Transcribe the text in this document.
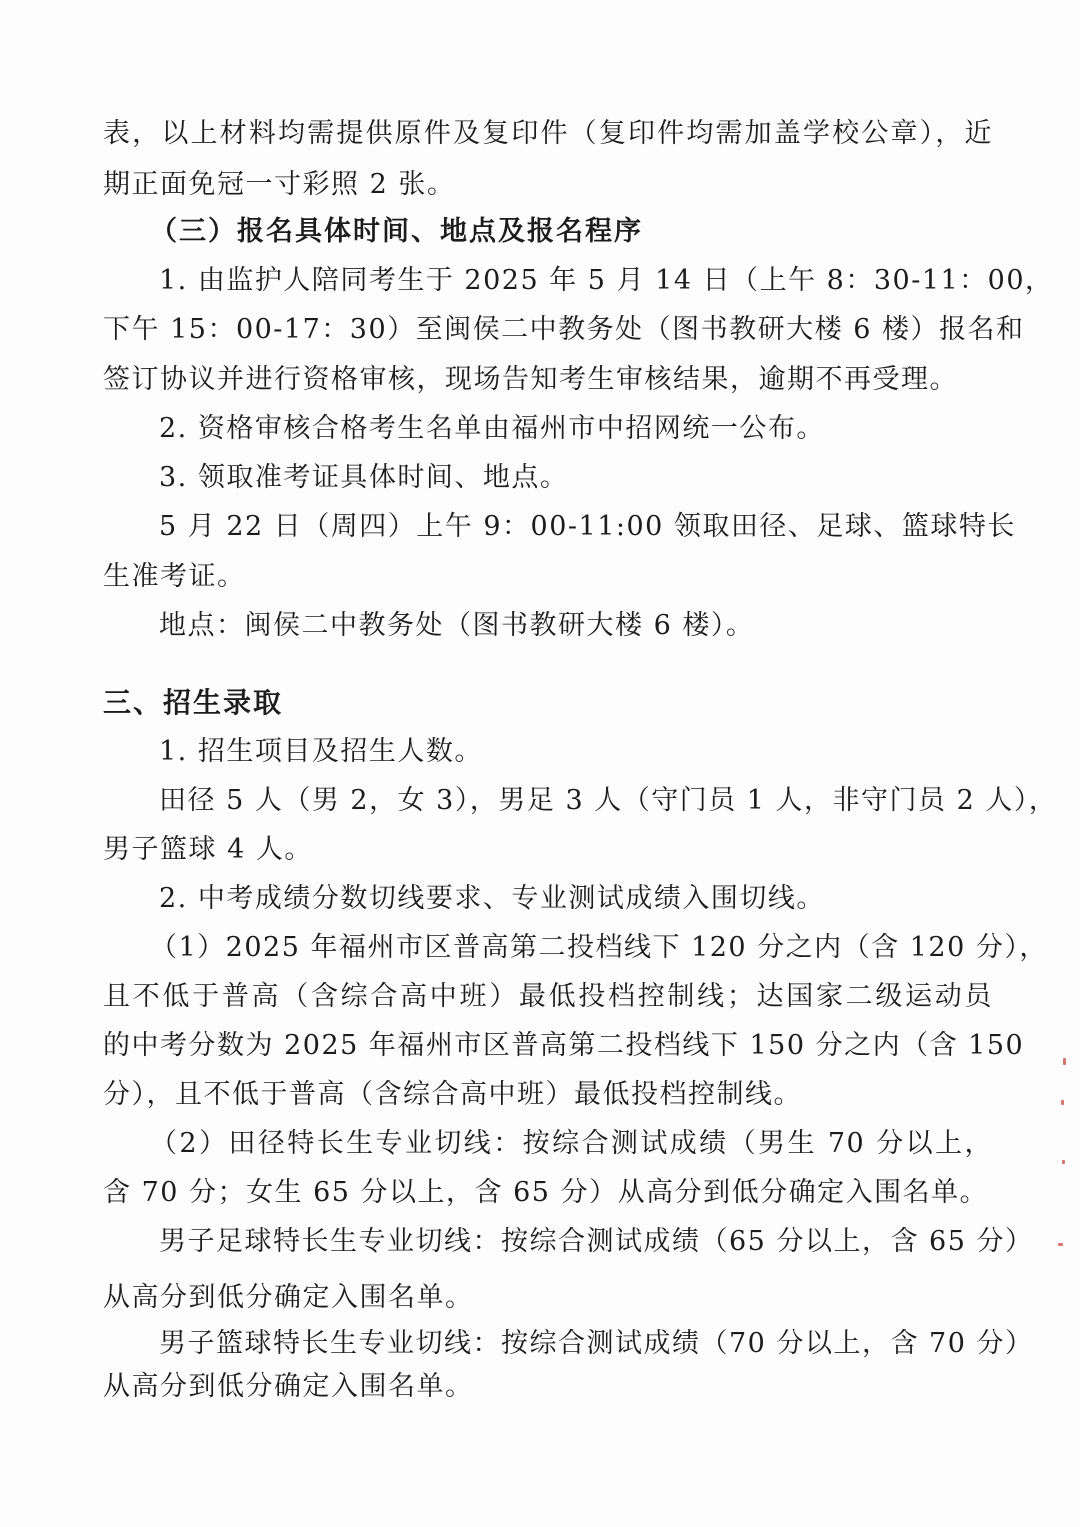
表，以上材料均需提供原件及复印件（复印件均需加盖学校公章），近
期正面免冠一寸彩照 2 张。
（三）报名具体时间、地点及报名程序
1. 由监护人陪同考生于 2025 年 5 月 14 日（上午 8：30-11：00，
下午 15：00-17：30）至闽侯二中教务处（图书教研大楼 6 楼）报名和
签订协议并进行资格审核，现场告知考生审核结果，逾期不再受理。
2. 资格审核合格考生名单由福州市中招网统一公布。
3. 领取准考证具体时间、地点。
5 月 22 日（周四）上午 9：00-11:00 领取田径、足球、篮球特长
生准考证。
地点：闽侯二中教务处（图书教研大楼 6 楼）。
三、招生录取
1. 招生项目及招生人数。
田径 5 人（男 2，女 3），男足 3 人（守门员 1 人，非守门员 2 人），
男子篮球 4 人。
2. 中考成绩分数切线要求、专业测试成绩入围切线。
（1）2025 年福州市区普高第二投档线下 120 分之内（含 120 分），
且不低于普高（含综合高中班）最低投档控制线；达国家二级运动员
的中考分数为 2025 年福州市区普高第二投档线下 150 分之内（含 150
分），且不低于普高（含综合高中班）最低投档控制线。
（2）田径特长生专业切线：按综合测试成绩（男生 70 分以上，
含 70 分；女生 65 分以上，含 65 分）从高分到低分确定入围名单。
男子足球特长生专业切线：按综合测试成绩（65 分以上，含 65 分）
从高分到低分确定入围名单。
男子篮球特长生专业切线：按综合测试成绩（70 分以上，含 70 分）
从高分到低分确定入围名单。
